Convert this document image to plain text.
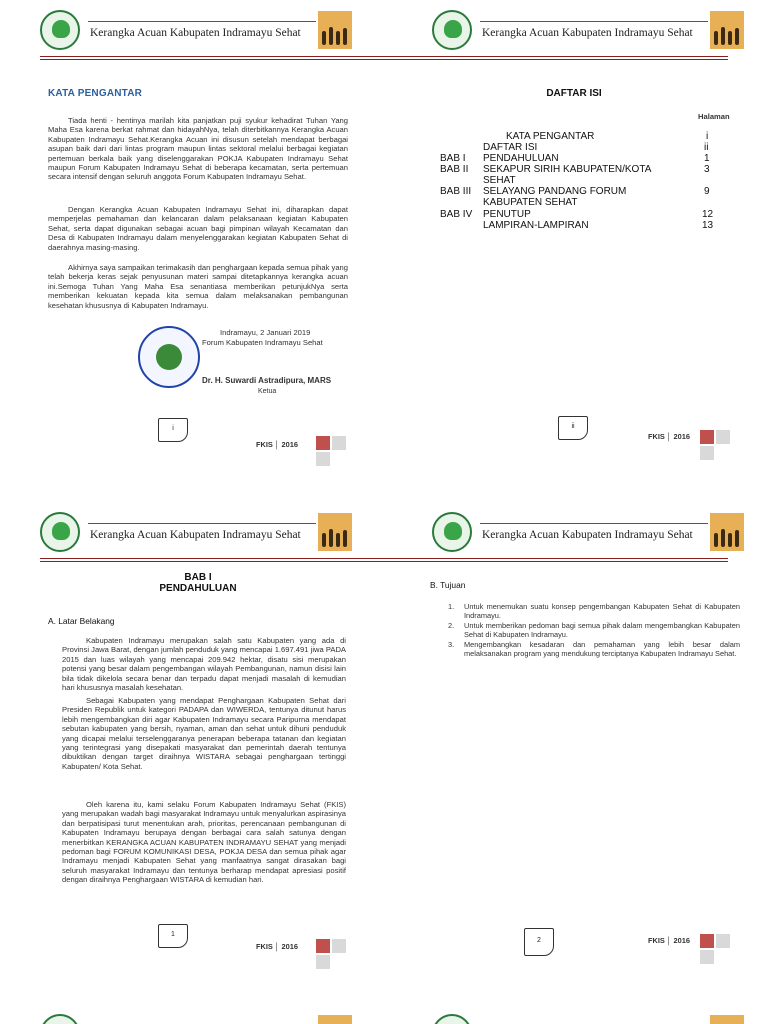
Kerangka Acuan Kabupaten Indramayu Sehat
KATA PENGANTAR
Tiada henti - hentinya marilah kita panjatkan puji syukur kehadirat Tuhan Yang Maha Esa karena berkat rahmat dan hidayahNya, telah diterbitkannya Kerangka Acuan Kabupaten Indramayu Sehat.Kerangka Acuan ini disusun setelah mendapat berbagai asupan baik dari dari lintas program maupun lintas sektoral melalui berbagai kegiatan pertemuan berkala baik yang diselenggarakan POKJA Kabupaten Indramayu Sehat maupun Forum Kabupaten Indramayu Sehat di beberapa kecamatan, serta pertemuan secara intensif dengan seluruh anggota Forum Kabupaten Indramayu Sehat.
Dengan Kerangka Acuan Kabupaten Indramayu Sehat ini, diharapkan dapat memperjelas pemahaman dan kelancaran dalam pelaksanaan kegiatan Kabupaten Sehat, serta dapat digunakan sebagai acuan bagi pimpinan wilayah Kecamatan dan Desa di Kabupaten Indramayu dalam menyelenggarakan kegiatan Kabupaten Sehat di daerahnya masing-masing.
Akhirnya saya sampaikan terimakasih dan penghargaan kepada semua pihak yang telah bekerja keras sejak penyusunan materi sampai ditetapkannya kerangka acuan ini.Semoga Tuhan Yang Maha Esa senantiasa memberikan petunjukNya serta memberikan kekuatan kepada kita semua dalam melaksanakan pembangunan kesehatan khususnya di Kabupaten Indramayu.
Indramayu, 2 Januari 2019
Forum Kabupaten Indramayu Sehat
Dr. H. Suwardi Astradipura, MARS
Ketua
i
FKIS │ 2016
Kerangka Acuan Kabupaten Indramayu Sehat
DAFTAR ISI
Halaman
KATA PENGANTAR	i
DAFTAR ISI	ii
BAB I PENDAHULUAN	1
BAB II SEKAPUR SIRIH KABUPATEN/KOTA	3
SEHAT
BAB III SELAYANG PANDANG FORUM	9
KABUPATEN SEHAT
BAB IV PENUTUP	12
LAMPIRAN-LAMPIRAN	13
ii
FKIS │ 2016
Kerangka Acuan Kabupaten Indramayu Sehat
BAB I
PENDAHULUAN
A. Latar Belakang
Kabupaten Indramayu merupakan salah satu Kabupaten yang ada di Provinsi Jawa Barat, dengan jumlah penduduk yang mencapai 1.697.491 jiwa PADA 2015 dan luas wilayah yang mencapai 209.942 hektar, disatu sisi merupakan potensi yang besar dalam pengembangan wilayah Pembangunan, namun disisi lain bila tidak dikelola secara benar dan terpadu dapat menjadi masalah di kemudian hari khususnya masalah kesehatan.
Sebagai Kabupaten yang mendapat Penghargaan Kabupaten Sehat dari Presiden Republik untuk kategori PADAPA dan WIWERDA, tentunya ditunut harus lebih mengembangkan diri agar Kabupaten Indramayu secara Paripurna mendapat sebutan kabupaten yang bersih, nyaman, aman dan sehat untuk dihuni penduduk yang dicapai melalui terselenggaranya penerapan beberapa tatanan dan kegiatan yang terintegrasi yang disepakati masyarakat dan pemerintah daerah tentunya dibuktikan dengan target diraihnya WISTARA sebagai penghargaan tertinggi Kabupaten/ Kota Sehat.
Oleh karena itu, kami selaku Forum Kabupaten Indramayu Sehat (FKIS) yang merupakan wadah bagi masyarakat Indramayu untuk menyalurkan aspirasinya dan berpatisipasi turut menentukan arah, prioritas, perencanaan pembangunan di Kabupaten Indramayu berupaya dengan berbagai cara salah satunya dengan menerbitkan KERANGKA ACUAN KABUPATEN INDRAMAYU SEHAT yang menjadi pedoman bagi FORUM KOMUNIKASI DESA, POKJA DESA dan semua pihak agar Indramayu menjadi Kabupaten Sehat yang manfaatnya sangat dirasakan bagi seluruh masyarakat Indramayu dan tentunya berharap mendapat apresiasi positif dengan diraihnya Penghargaan WISTARA di kemudian hari.
1
FKIS │ 2016
Kerangka Acuan Kabupaten Indramayu Sehat
B. Tujuan
1. Untuk menemukan suatu konsep pengembangan Kabupaten Sehat di Kabupaten Indramayu.
2. Untuk memberikan pedoman bagi semua pihak dalam mengembangkan Kabupaten Sehat di Kabupaten Indramayu.
3. Mengembangkan kesadaran dan pemahaman yang lebih besar dalam melaksanakan program yang mendukung terciptanya Kabupaten Indramayu Sehat.
2	FKIS │ 2016
